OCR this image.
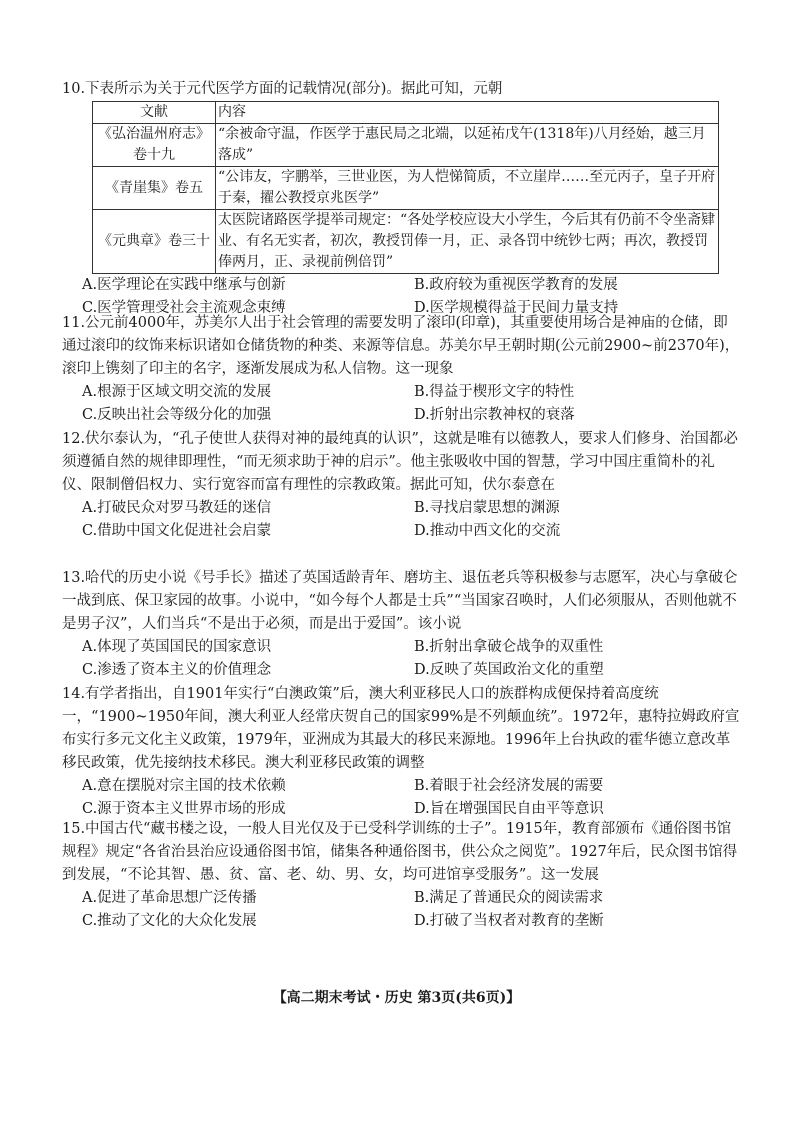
10.下表所示为关于元代医学方面的记载情况(部分)。据此可知，元朝
文献	内容
《弘治温州府志》卷十九	“余被命守温，作医学于惠民局之北端，以延祐戊午(1318年)八月经始，越三月落成”
《青崖集》卷五	“公讳友，字鹏举，三世业医，为人恺悌简质，不立崖岸……至元丙子，皇子开府于秦，擢公教授京兆医学”
《元典章》卷三十	太医院诸路医学提举司规定：“各处学校应设大小学生，今后其有仍前不令坐斋肄业、有名无实者，初次，教授罚俸一月，正、录各罚中统钞七两；再次，教授罚俸两月，正、录视前例倍罚”
A.医学理论在实践中继承与创新	B.政府较为重视医学教育的发展
C.医学管理受社会主流观念束缚	D.医学规模得益于民间力量支持
11.公元前4000年，苏美尔人出于社会管理的需要发明了滚印(印章)，其重要使用场合是神庙的仓储，即通过滚印的纹饰来标识诸如仓储货物的种类、来源等信息。苏美尔早王朝时期(公元前2900~前2370年)，滚印上镌刻了印主的名字，逐渐发展成为私人信物。这一现象
A.根源于区域文明交流的发展	B.得益于楔形文字的特性
C.反映出社会等级分化的加强	D.折射出宗教神权的衰落
12.伏尔泰认为，“孔子使世人获得对神的最纯真的认识”，这就是唯有以德教人，要求人们修身、治国都必须遵循自然的规律即理性，“而无须求助于神的启示”。他主张吸收中国的智慧，学习中国庄重简朴的礼仪、限制僧侣权力、实行宽容而富有理性的宗教政策。据此可知，伏尔泰意在
A.打破民众对罗马教廷的迷信	B.寻找启蒙思想的渊源
C.借助中国文化促进社会启蒙	D.推动中西文化的交流
13.哈代的历史小说《号手长》描述了英国适龄青年、磨坊主、退伍老兵等积极参与志愿军，决心与拿破仑一战到底、保卫家园的故事。小说中，“如今每个人都是士兵”“当国家召唤时，人们必须服从，否则他就不是男子汉”，人们当兵“不是出于必须，而是出于爱国”。该小说
A.体现了英国国民的国家意识	B.折射出拿破仑战争的双重性
C.渗透了资本主义的价值理念	D.反映了英国政治文化的重塑
14.有学者指出，自1901年实行“白澳政策”后，澳大利亚移民人口的族群构成便保持着高度统一，“1900~1950年间，澳大利亚人经常庆贺自己的国家99%是不列颠血统”。1972年，惠特拉姆政府宣布实行多元文化主义政策，1979年，亚洲成为其最大的移民来源地。1996年上台执政的霍华德立意改革移民政策，优先接纳技术移民。澳大利亚移民政策的调整
A.意在摆脱对宗主国的技术依赖	B.着眼于社会经济发展的需要
C.源于资本主义世界市场的形成	D.旨在增强国民自由平等意识
15.中国古代“藏书楼之设，一般人目光仅及于已受科学训练的士子”。1915年，教育部颁布《通俗图书馆规程》规定“各省治县治应设通俗图书馆，储集各种通俗图书，供公众之阅览”。1927年后，民众图书馆得到发展，“不论其智、愚、贫、富、老、幼、男、女，均可进馆享受服务”。这一发展
A.促进了革命思想广泛传播	B.满足了普通民众的阅读需求
C.推动了文化的大众化发展	D.打破了当权者对教育的垄断
【高二期末考试・历史 第3页(共6页)】
